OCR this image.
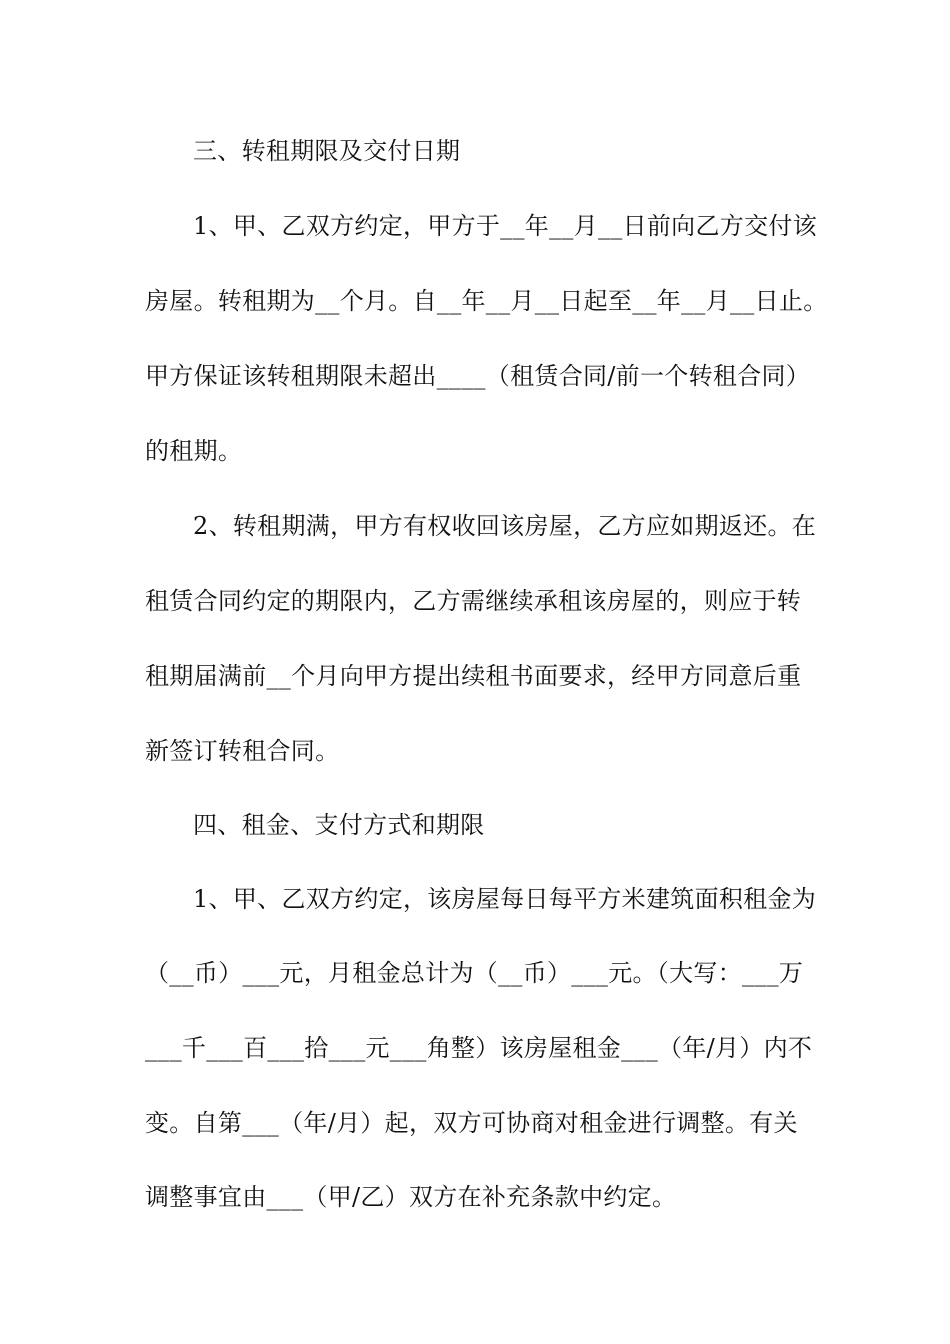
三、转租期限及交付日期
1、甲、乙双方约定，甲方于__年__月__日前向乙方交付该
房屋。转租期为__个月。自__年__月__日起至__年__月__日止。
甲方保证该转租期限未超出____（租赁合同/前一个转租合同）
的租期。
2、转租期满，甲方有权收回该房屋，乙方应如期返还。在
租赁合同约定的期限内，乙方需继续承租该房屋的，则应于转
租期届满前__个月向甲方提出续租书面要求，经甲方同意后重
新签订转租合同。
四、租金、支付方式和期限
1、甲、乙双方约定，该房屋每日每平方米建筑面积租金为
（__币）___元，月租金总计为（__币）___元。（大写：___万
___千___百___拾___元___角整）该房屋租金___（年/月）内不
变。自第___（年/月）起，双方可协商对租金进行调整。有关
调整事宜由___（甲/乙）双方在补充条款中约定。
